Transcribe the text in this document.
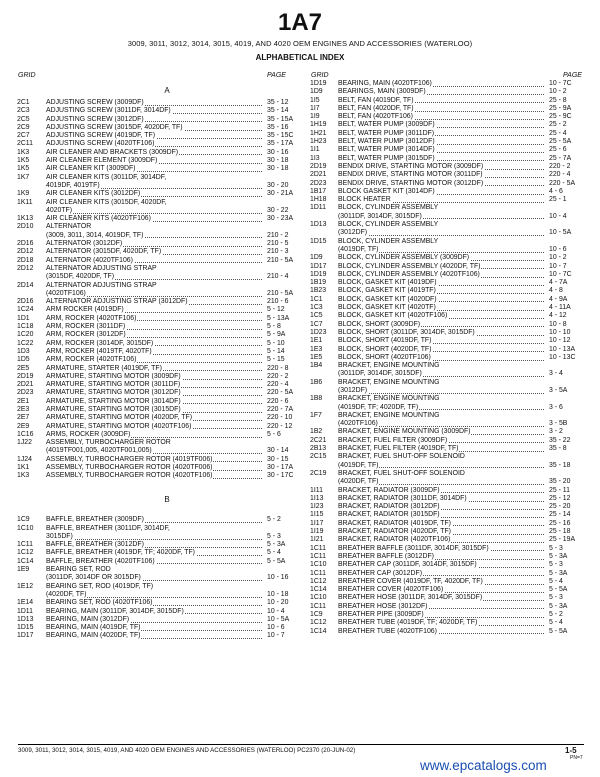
1A7
3009, 3011, 3012, 3014, 3015, 4019, AND 4020 OEM ENGINES AND ACCESSORIES (WATERLOO)
ALPHABETICAL INDEX
GRID	PAGE	GRID	PAGE
A
2C1	ADJUSTING SCREW (3009DF)	35 - 12
2C3	ADJUSTING SCREW (3011DF, 3014DF)	35 - 14
2C5	ADJUSTING SCREW (3012DF)	35 - 15A
2C9	ADJUSTING SCREW (3015DF, 4020DF, TF)	35 - 16
2C7	ADJUSTING SCREW (4019DF, TF)	35 - 15C
2C11	ADJUSTING SCREW (4020TF106)	35 - 17A
1K3	AIR CLEANER AND BRACKETS (3009DF)	30 - 16
1K5	AIR CLEANER ELEMENT (3009DF)	30 - 18
1K5	AIR CLEANER KIT (3009DF)	30 - 18
1K7	AIR CLEANER KITS (3011DF, 3014DF,
4019DF, 4019TF)	30 - 20
1K9	AIR CLEANER KITS (3012DF)	30 - 21A
1K11	AIR CLEANER KITS (3015DF, 4020DF,
4020TF)	30 - 22
1K13	AIR CLEANER KITS (4020TF106)	30 - 23A
2D10	ALTERNATOR
(3009, 3011, 3014, 4019DF, TF)	210 - 2
2D16	ALTERNATOR (3012DF)	210 - 5
2D12	ALTERNATOR (3015DF, 4020DF, TF)	210 - 3
2D18	ALTERNATOR (4020TF106)	210 - 5A
2D12	ALTERNATOR ADJUSTING STRAP
(3015DF, 4020DF, TF)	210 - 4
2D14	ALTERNATOR ADJUSTING STRAP
(4020TF106)	210 - 5A
2D16	ALTERNATOR ADJUSTING STRAP (3012DF)	210 - 6
1C24	ARM ROCKER (4019DF)	5 - 12
1D1	ARM, ROCKER (4020TF106)	5 - 13A
1C18	ARM, ROCKER (3011DF)	5 - 8
1C20	ARM, ROCKER (3012DF)	5 - 9A
1C22	ARM, ROCKER (3014DF, 3015DF)	5 - 10
1D3	ARM, ROCKER (4019TF, 4020TF)	5 - 14
1D5	ARM, ROCKER (4020TF106)	5 - 15
2E5	ARMATURE, STARTER (4019DF, TF)	220 - 8
2D19	ARMATURE, STARTING MOTOR (3009DF)	220 - 2
2D21	ARMATURE, STARTING MOTOR (3011DF)	220 - 4
2D23	ARMATURE, STARTING MOTOR (3012DF)	220 - 5A
2E1	ARMATURE, STARTING MOTOR (3014DF)	220 - 6
2E3	ARMATURE, STARTING MOTOR (3015DF)	220 - 7A
2E7	ARMATURE, STARTING MOTOR (4020DF, TF)	220 - 10
2E9	ARMATURE, STARTING MOTOR (4020TF106)	220 - 12
1C16	ARMS, ROCKER (3009DF)	5 - 6
1J22	ASSEMBLY, TURBOCHARGER ROTOR
(4019TF001,005, 4020TF001,005)	30 - 14
1J24	ASSEMBLY, TURBOCHARGER ROTOR (4019TF006)	30 - 15
1K1	ASSEMBLY, TURBOCHARGER ROTOR (4020TF006)	30 - 17A
1K3	ASSEMBLY, TURBOCHARGER ROTOR (4020TF106)	30 - 17C
B
1C9	BAFFLE, BREATHER (3009DF)	5 - 2
1C10	BAFFLE, BREATHER (3011DF, 3014DF,
3015DF)	5 - 3
1C11	BAFFLE, BREATHER (3012DF)	5 - 3A
1C12	BAFFLE, BREATHER (4019DF, TF; 4020DF, TF)	5 - 4
1C14	BAFFLE, BREATHER (4020TF106)	5 - 5A
1E9	BEARING SET, ROD
(3011DF, 3014DF OR 3015DF)	10 - 16
1E12	BEARING SET, ROD (4019DF, TF)
(4020DF, TF)	10 - 18
1E14	BEARING SET, ROD (4020TF106)	10 - 20
1D11	BEARING, MAIN (3011DF, 3014DF, 3015DF)	10 - 4
1D13	BEARING, MAIN (3012DF)	10 - 5A
1D15	BEARING, MAIN (4019DF, TF)	10 - 6
1D17	BEARING, MAIN (4020DF, TF)	10 - 7
1D19	BEARING, MAIN (4020TF106)	10 - 7C
1D9	BEARINGS, MAIN (3009DF)	10 - 2
1I5	BELT, FAN (4019DF, TF)	25 - 8
1I7	BELT, FAN (4020DF, TF)	25 - 9A
1I9	BELT, FAN (4020TF106)	25 - 9C
1H19	BELT, WATER PUMP (3009DF)	25 - 2
1H21	BELT, WATER PUMP (3011DF)	25 - 4
1H23	BELT, WATER PUMP (3012DF)	25 - 5A
1I1	BELT, WATER PUMP (3014DF)	25 - 6
1I3	BELT, WATER PUMP (3015DF)	25 - 7A
2D19	BENDIX DRIVE, STARTING MOTOR (3009DF)	220 - 2
2D21	BENDIX DRIVE, STARTING MOTOR (3011DF)	220 - 4
2D23	BENDIX DRIVE, STARTING MOTOR (3012DF)	220 - 5A
1B17	BLOCK GASKET KIT (3014DF)	4 - 6
1H18	BLOCK HEATER	25 - 1
1D11	BLOCK, CYLINDER ASSEMBLY
(3011DF, 3014DF, 3015DF)	10 - 4
1D13	BLOCK, CYLINDER ASSEMBLY
(3012DF)	10 - 5A
1D15	BLOCK, CYLINDER ASSEMBLY
(4019DF, TF)	10 - 6
1D9	BLOCK, CYLINDER ASSEMBLY (3009DF)	10 - 2
1D17	BLOCK, CYLINDER ASSEMBLY (4020DF, TF)	10 - 7
1D19	BLOCK, CYLINDER ASSEMBLY (4020TF106)	10 - 7C
1B19	BLOCK, GASKET KIT (4019DF)	4 - 7A
1B23	BLOCK, GASKET KIT (4019TF)	4 - 8
1C1	BLOCK, GASKET KIT (4020DF)	4 - 9A
1C3	BLOCK, GASKET KIT (4020TF)	4 - 11A
1C5	BLOCK, GASKET KIT (4020TF106)	4 - 12
1C7	BLOCK, SHORT (3009DF)	10 - 8
1D23	BLOCK, SHORT (3011DF, 3014DF, 3015DF)	10 - 10
1E1	BLOCK, SHORT (4019DF, TF)	10 - 12
1E3	BLOCK, SHORT (4020DF, TF)	10 - 13A
1E5	BLOCK, SHORT (4020TF106)	10 - 13C
1B4	BRACKET, ENGINE MOUNTING
(3011DF, 3014DF, 3015DF)	3 - 4
1B6	BRACKET, ENGINE MOUNTING
(3012DF)	3 - 5A
1B8	BRACKET, ENGINE MOUNTING
(4019DF, TF; 4020DF, TF)	3 - 6
1F7	BRACKET, ENGINE MOUNTING
(4020TF106)	3 - 5B
1B2	BRACKET, ENGINE MOUNTING (3009DF)	3 - 2
2C21	BRACKET, FUEL FILTER (3009DF)	35 - 22
2B13	BRACKET, FUEL FILTER (4019DF, TF)	35 - 8
2C15	BRACKET, FUEL SHUT-OFF SOLENOID
(4019DF, TF)	35 - 18
2C19	BRACKET, FUEL SHUT-OFF SOLENOID
(4020DF, TF)	35 - 20
1I11	BRACKET, RADIATOR (3009DF)	25 - 11
1I13	BRACKET, RADIATOR (3011DF, 3014DF)	25 - 12
1I23	BRACKET, RADIATOR (3012DF)	25 - 20
1I15	BRACKET, RADIATOR (3015DF)	25 - 14
1I17	BRACKET, RADIATOR (4019DF, TF)	25 - 16
1I19	BRACKET, RADIATOR (4020DF, TF)	25 - 18
1I21	BRACKET, RADIATOR (4020TF106)	25 - 19A
1C11	BREATHER BAFFLE (3011DF, 3014DF, 3015DF)	5 - 3
1C11	BREATHER BAFFLE (3012DF)	5 - 3A
1C10	BREATHER CAP (3011DF, 3014DF, 3015DF)	5 - 3
1C11	BREATHER CAP (3012DF)	5 - 3A
1C12	BREATHER COVER (4019DF, TF, 4020DF, TF)	5 - 4
1C14	BREATHER COVER (4020TF106)	5 - 5A
1C10	BREATHER HOSE (3011DF, 3014DF, 3015DF)	5 - 3
1C11	BREATHER HOSE (3012DF)	5 - 3A
1C9	BREATHER PIPE (3009DF)	5 - 2
1C12	BREATHER TUBE (4019DF, TF; 4020DF, TF)	5 - 4
1C14	BREATHER TUBE (4020TF106)	5 - 5A
3009, 3011, 3012, 3014, 3015, 4019, AND 4020 OEM ENGINES AND ACCESSORIES (WATERLOO) PC2370 (20-JUN-02)	1-5
PN=7
www.epcatalogs.com
